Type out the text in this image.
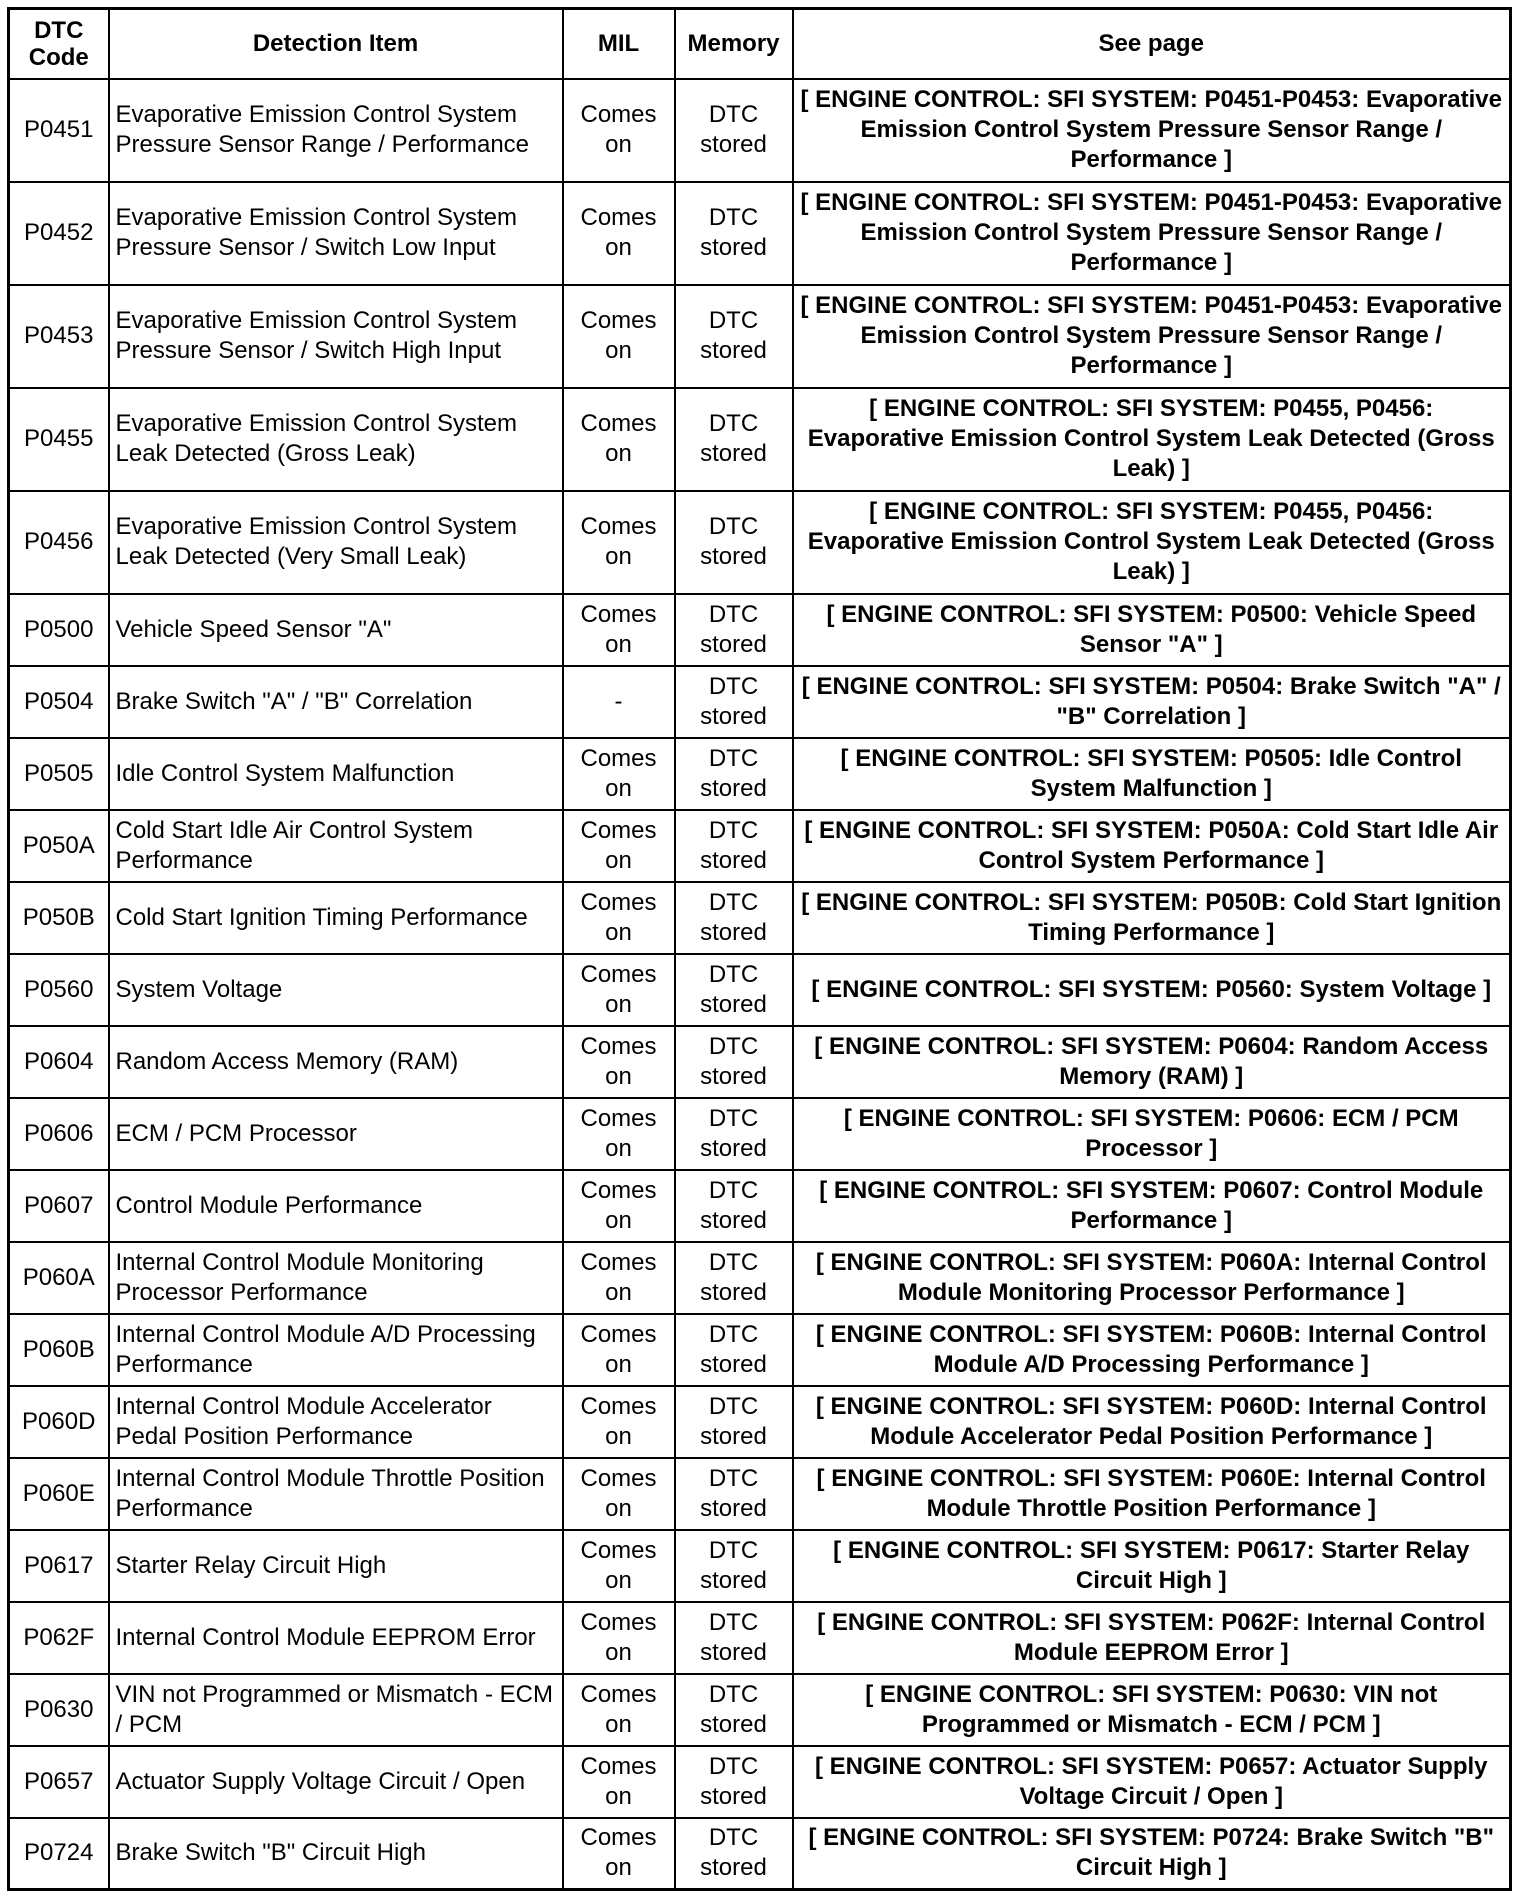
DTC
Code	Detection Item	MIL	Memory	See page
P0451	Evaporative Emission Control System Pressure Sensor Range / Performance	Comes on	DTC stored	[ ENGINE CONTROL: SFI SYSTEM: P0451-P0453: Evaporative Emission Control System Pressure Sensor Range / Performance ]
P0452	Evaporative Emission Control System Pressure Sensor / Switch Low Input	Comes on	DTC stored	[ ENGINE CONTROL: SFI SYSTEM: P0451-P0453: Evaporative Emission Control System Pressure Sensor Range / Performance ]
P0453	Evaporative Emission Control System Pressure Sensor / Switch High Input	Comes on	DTC stored	[ ENGINE CONTROL: SFI SYSTEM: P0451-P0453: Evaporative Emission Control System Pressure Sensor Range / Performance ]
P0455	Evaporative Emission Control System Leak Detected (Gross Leak)	Comes on	DTC stored	[ ENGINE CONTROL: SFI SYSTEM: P0455, P0456: Evaporative Emission Control System Leak Detected (Gross Leak) ]
P0456	Evaporative Emission Control System Leak Detected (Very Small Leak)	Comes on	DTC stored	[ ENGINE CONTROL: SFI SYSTEM: P0455, P0456: Evaporative Emission Control System Leak Detected (Gross Leak) ]
P0500	Vehicle Speed Sensor "A"	Comes on	DTC stored	[ ENGINE CONTROL: SFI SYSTEM: P0500: Vehicle Speed Sensor "A" ]
P0504	Brake Switch "A" / "B" Correlation	-	DTC stored	[ ENGINE CONTROL: SFI SYSTEM: P0504: Brake Switch "A" / "B" Correlation ]
P0505	Idle Control System Malfunction	Comes on	DTC stored	[ ENGINE CONTROL: SFI SYSTEM: P0505: Idle Control System Malfunction ]
P050A	Cold Start Idle Air Control System Performance	Comes on	DTC stored	[ ENGINE CONTROL: SFI SYSTEM: P050A: Cold Start Idle Air Control System Performance ]
P050B	Cold Start Ignition Timing Performance	Comes on	DTC stored	[ ENGINE CONTROL: SFI SYSTEM: P050B: Cold Start Ignition Timing Performance ]
P0560	System Voltage	Comes on	DTC stored	[ ENGINE CONTROL: SFI SYSTEM: P0560: System Voltage ]
P0604	Random Access Memory (RAM)	Comes on	DTC stored	[ ENGINE CONTROL: SFI SYSTEM: P0604: Random Access Memory (RAM) ]
P0606	ECM / PCM Processor	Comes on	DTC stored	[ ENGINE CONTROL: SFI SYSTEM: P0606: ECM / PCM Processor ]
P0607	Control Module Performance	Comes on	DTC stored	[ ENGINE CONTROL: SFI SYSTEM: P0607: Control Module Performance ]
P060A	Internal Control Module Monitoring Processor Performance	Comes on	DTC stored	[ ENGINE CONTROL: SFI SYSTEM: P060A: Internal Control Module Monitoring Processor Performance ]
P060B	Internal Control Module A/D Processing Performance	Comes on	DTC stored	[ ENGINE CONTROL: SFI SYSTEM: P060B: Internal Control Module A/D Processing Performance ]
P060D	Internal Control Module Accelerator Pedal Position Performance	Comes on	DTC stored	[ ENGINE CONTROL: SFI SYSTEM: P060D: Internal Control Module Accelerator Pedal Position Performance ]
P060E	Internal Control Module Throttle Position Performance	Comes on	DTC stored	[ ENGINE CONTROL: SFI SYSTEM: P060E: Internal Control Module Throttle Position Performance ]
P0617	Starter Relay Circuit High	Comes on	DTC stored	[ ENGINE CONTROL: SFI SYSTEM: P0617: Starter Relay Circuit High ]
P062F	Internal Control Module EEPROM Error	Comes on	DTC stored	[ ENGINE CONTROL: SFI SYSTEM: P062F: Internal Control Module EEPROM Error ]
P0630	VIN not Programmed or Mismatch - ECM / PCM	Comes on	DTC stored	[ ENGINE CONTROL: SFI SYSTEM: P0630: VIN not Programmed or Mismatch - ECM / PCM ]
P0657	Actuator Supply Voltage Circuit / Open	Comes on	DTC stored	[ ENGINE CONTROL: SFI SYSTEM: P0657: Actuator Supply Voltage Circuit / Open ]
P0724	Brake Switch "B" Circuit High	Comes on	DTC stored	[ ENGINE CONTROL: SFI SYSTEM: P0724: Brake Switch "B" Circuit High ]
